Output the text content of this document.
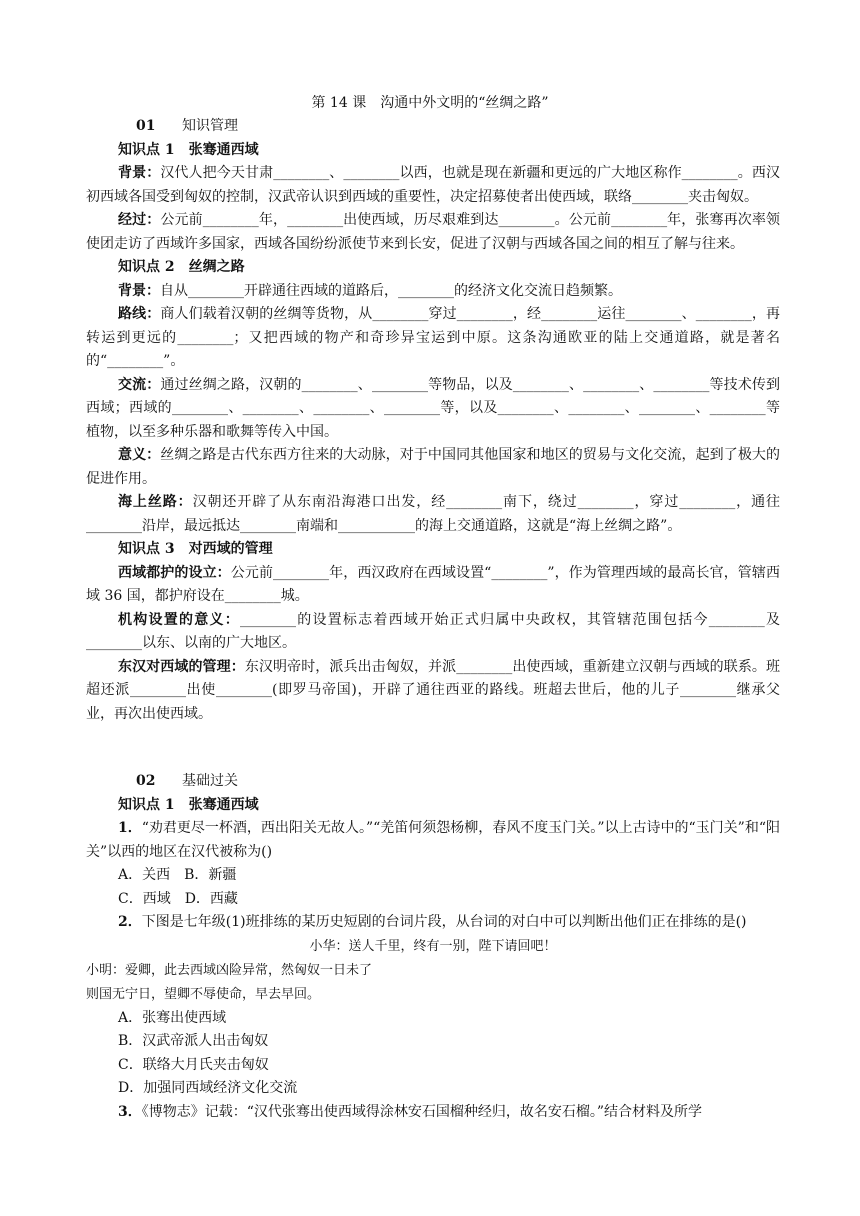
第 14 课　沟通中外文明的“丝绸之路”
01 知识管理
知识点 1　张骞通西域

背景：汉代人把今天甘肃________、________以西，也就是现在新疆和更远的广大地区称作________。西汉初西域各国受到匈奴的控制，汉武帝认识到西域的重要性，决定招募使者出使西域，联络________夹击匈奴。

经过：公元前________年，________出使西域，历尽艰难到达________。公元前________年，张骞再次率领使团走访了西域许多国家，西域各国纷纷派使节来到长安，促进了汉朝与西域各国之间的相互了解与往来。

知识点 2　丝绸之路

背景：自从________开辟通往西域的道路后，________的经济文化交流日趋频繁。

路线：商人们载着汉朝的丝绸等货物，从________穿过________，经________运往________、________，再转运到更远的________；又把西域的物产和奇珍异宝运到中原。这条沟通欧亚的陆上交通道路，就是著名的“________”。

交流：通过丝绸之路，汉朝的________、________等物品，以及________、________、________等技术传到西域；西域的________、________、________、________等，以及________、________、________、________等植物，以至多种乐器和歌舞等传入中国。

意义：丝绸之路是古代东西方往来的大动脉，对于中国同其他国家和地区的贸易与文化交流，起到了极大的促进作用。

海上丝路：汉朝还开辟了从东南沿海港口出发，经________南下，绕过________，穿过________，通往________沿岸，最远抵达________南端和___________的海上交通道路，这就是“海上丝绸之路”。

知识点 3　对西域的管理

西域都护的设立：公元前________年，西汉政府在西域设置“________”，作为管理西域的最高长官，管辖西域 36 国，都护府设在________城。

机构设置的意义：________的设置标志着西域开始正式归属中央政权，其管辖范围包括今________及________以东、以南的广大地区。

东汉对西域的管理：东汉明帝时，派兵出击匈奴，并派________出使西域，重新建立汉朝与西域的联系。班超还派________出使________(即罗马帝国)，开辟了通往西亚的路线。班超去世后，他的儿子________继承父业，再次出使西域。

02 基础过关
知识点 1　张骞通西域

1．“劝君更尽一杯酒，西出阳关无故人。”“羌笛何须怨杨柳，春风不度玉门关。”以上古诗中的“玉门关”和“阳关”以西的地区在汉代被称为()

A．关西　B．新疆
C．西域　D．西藏

2．下图是七年级(1)班排练的某历史短剧的台词片段，从台词的对白中可以判断出他们正在排练的是()

小华：送人千里，终有一别，陛下请回吧！
小明：爱卿，此去西域凶险异常，然匈奴一日未了
则国无宁日，望卿不辱使命，早去早回。
A．张骞出使西域
B．汉武帝派人出击匈奴
C．联络大月氏夹击匈奴
D．加强同西域经济文化交流

3．《博物志》记载：“汉代张骞出使西域得涂林安石国榴种经归，故名安石榴。”结合材料及所学
